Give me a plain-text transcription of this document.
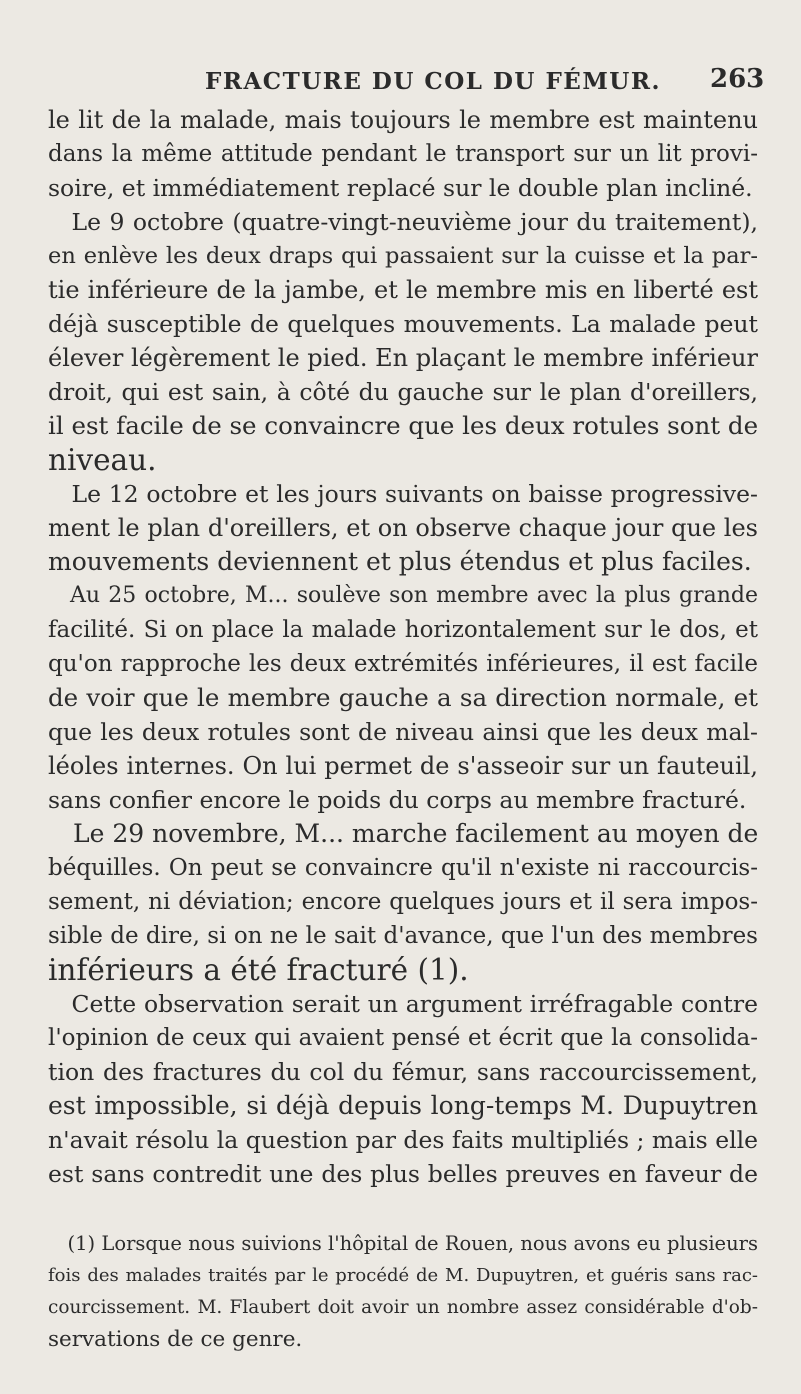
FRACTURE DU COL DU FÉMUR. 263
le lit de la malade, mais toujours le membre est maintenu
dans la même attitude pendant le transport sur un lit provi-
soire, et immédiatement replacé sur le double plan incliné.
 Le 9 octobre (quatre-vingt-neuvième jour du traitement),
en enlève les deux draps qui passaient sur la cuisse et la par-
tie inférieure de la jambe, et le membre mis en liberté est
déjà susceptible de quelques mouvements. La malade peut
élever légèrement le pied. En plaçant le membre inférieur
droit, qui est sain, à côté du gauche sur le plan d'oreillers,
il est facile de se convaincre que les deux rotules sont de
niveau.
 Le 12 octobre et les jours suivants on baisse progressive-
ment le plan d'oreillers, et on observe chaque jour que les
mouvements deviennent et plus étendus et plus faciles.
 Au 25 octobre, M... soulève son membre avec la plus grande
facilité. Si on place la malade horizontalement sur le dos, et
qu'on rapproche les deux extrémités inférieures, il est facile
de voir que le membre gauche a sa direction normale, et
que les deux rotules sont de niveau ainsi que les deux mal-
léoles internes. On lui permet de s'asseoir sur un fauteuil,
sans confier encore le poids du corps au membre fracturé.
 Le 29 novembre, M... marche facilement au moyen de
béquilles. On peut se convaincre qu'il n'existe ni raccourcis-
sement, ni déviation; encore quelques jours et il sera impos-
sible de dire, si on ne le sait d'avance, que l'un des membres
inférieurs a été fracturé (1).
 Cette observation serait un argument irréfragable contre
l'opinion de ceux qui avaient pensé et écrit que la consolida-
tion des fractures du col du fémur, sans raccourcissement,
est impossible, si déjà depuis long-temps M. Dupuytren
n'avait résolu la question par des faits multipliés ; mais elle
est sans contredit une des plus belles preuves en faveur de
 (1) Lorsque nous suivions l'hôpital de Rouen, nous avons eu plusieurs
fois des malades traités par le procédé de M. Dupuytren, et guéris sans rac-
courcissement. M. Flaubert doit avoir un nombre assez considérable d'ob-
servations de ce genre.
